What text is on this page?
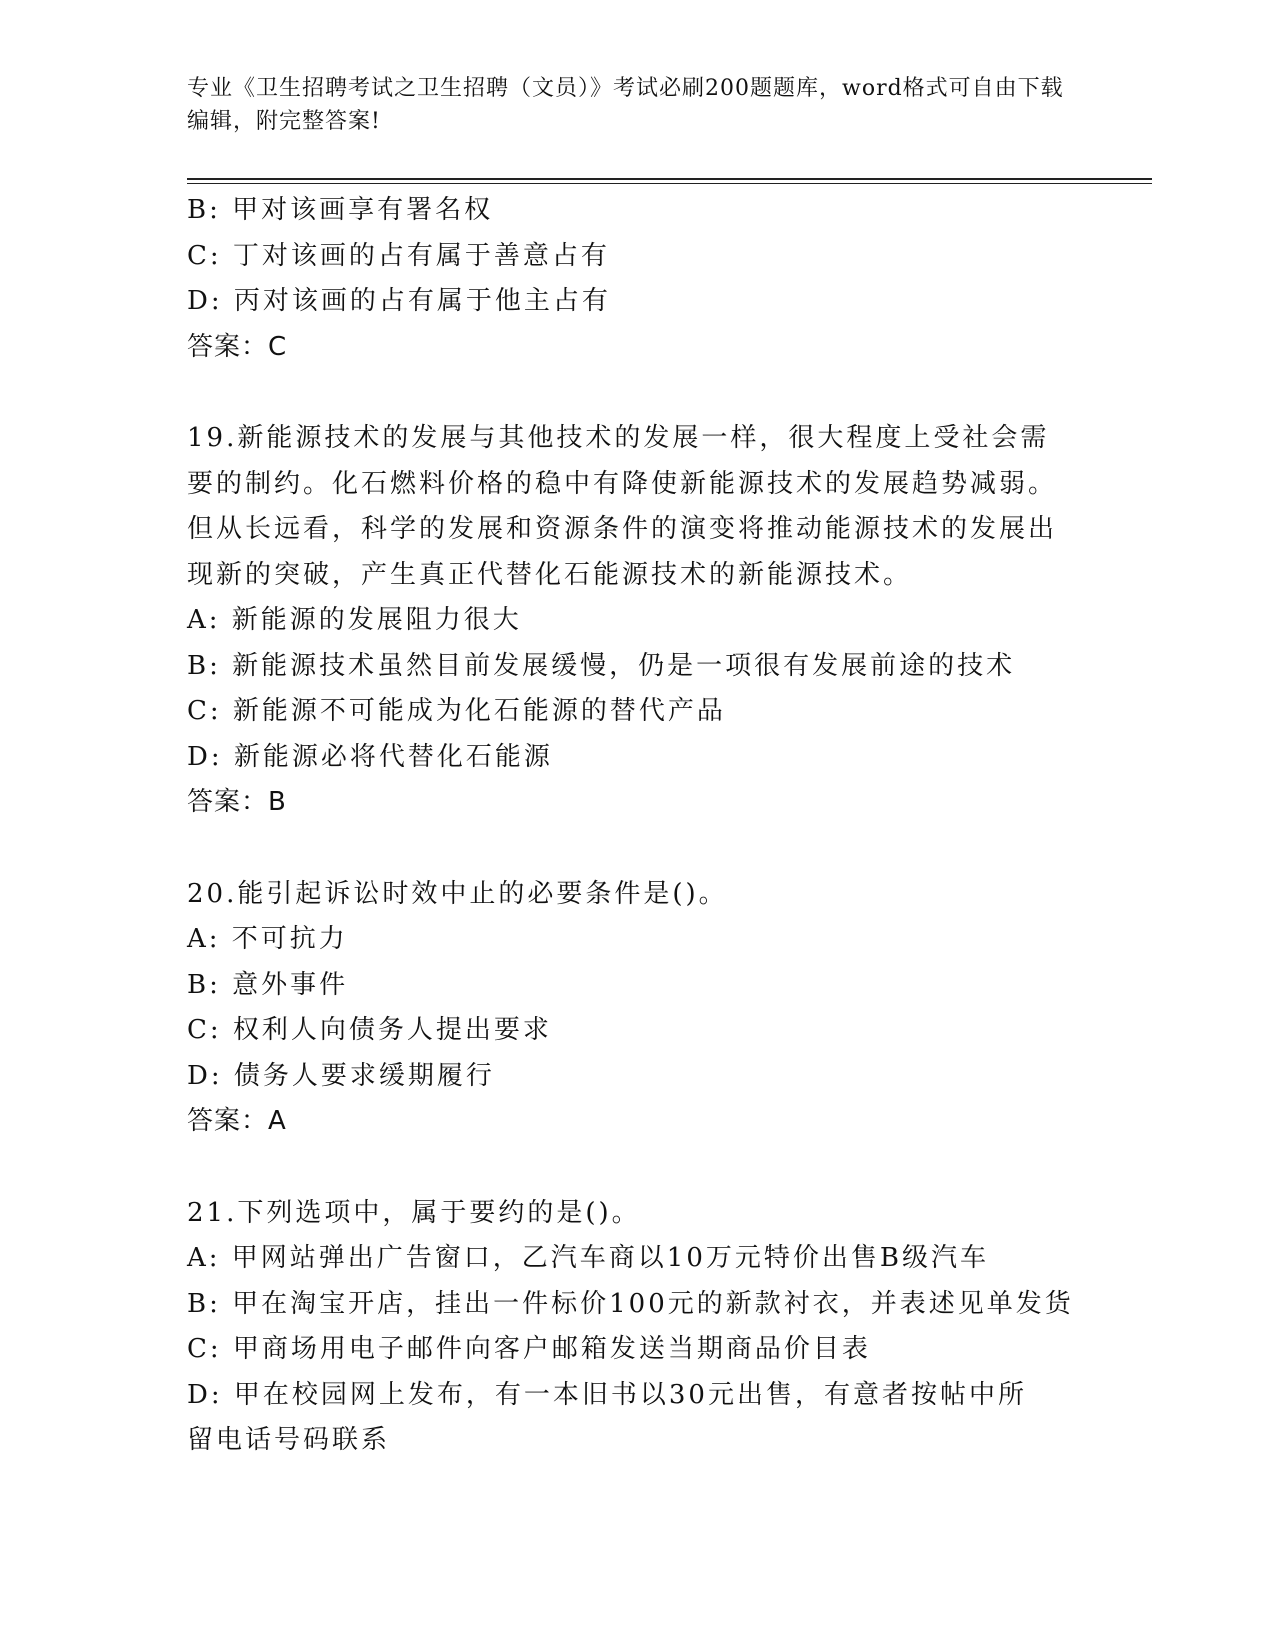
专业《卫生招聘考试之卫生招聘（文员）》考试必刷200题题库，word格式可自由下载编辑，附完整答案!
B: 甲对该画享有署名权
C: 丁对该画的占有属于善意占有
D: 丙对该画的占有属于他主占有
答案：C
19.新能源技术的发展与其他技术的发展一样，很大程度上受社会需要的制约。化石燃料价格的稳中有降使新能源技术的发展趋势减弱。但从长远看，科学的发展和资源条件的演变将推动能源技术的发展出现新的突破，产生真正代替化石能源技术的新能源技术。
A: 新能源的发展阻力很大
B: 新能源技术虽然目前发展缓慢，仍是一项很有发展前途的技术
C: 新能源不可能成为化石能源的替代产品
D: 新能源必将代替化石能源
答案：B
20.能引起诉讼时效中止的必要条件是()。
A: 不可抗力
B: 意外事件
C: 权利人向债务人提出要求
D: 债务人要求缓期履行
答案：A
21.下列选项中，属于要约的是()。
A: 甲网站弹出广告窗口，乙汽车商以10万元特价出售B级汽车
B: 甲在淘宝开店，挂出一件标价100元的新款衬衣，并表述见单发货
C: 甲商场用电子邮件向客户邮箱发送当期商品价目表
D: 甲在校园网上发布，有一本旧书以30元出售，有意者按帖中所留电话号码联系
